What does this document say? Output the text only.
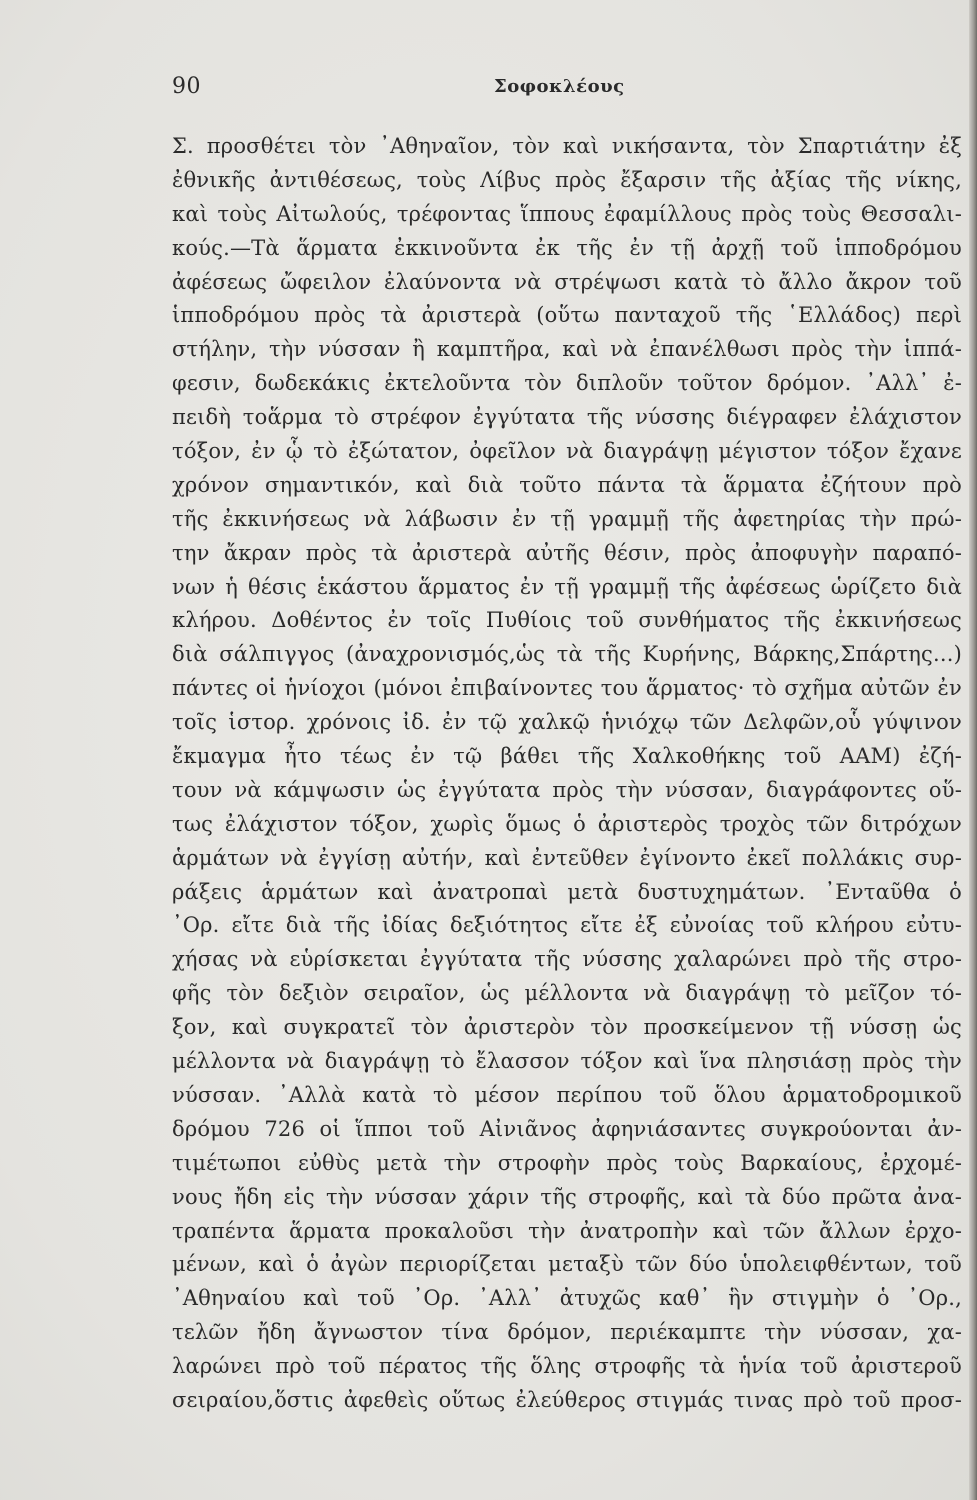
90	Σοφοκλέους
Σ. προσθέτει τὸν ᾽Αθηναῖον, τὸν καὶ νικήσαντα, τὸν Σπαρτιάτην ἐξ
ἐθνικῆς ἀντιθέσεως, τοὺς Λίβυς πρὸς ἔξαρσιν τῆς ἀξίας τῆς νίκης,
καὶ τοὺς Αἰτωλούς, τρέφοντας ἵππους ἐφαμίλλους πρὸς τοὺς Θεσσαλι-
κούς.—Τὰ ἅρματα ἐκκινοῦντα ἐκ τῆς ἐν τῇ ἀρχῇ τοῦ ἱπποδρόμου
ἀφέσεως ὤφειλον ἐλαύνοντα νὰ στρέψωσι κατὰ τὸ ἄλλο ἄκρον τοῦ
ἱπποδρόμου πρὸς τὰ ἀριστερὰ (οὕτω πανταχοῦ τῆς ῾Ελλάδος) περὶ
στήλην, τὴν νύσσαν ἢ καμπτῆρα, καὶ νὰ ἐπανέλθωσι πρὸς τὴν ἱππά-
φεσιν, δωδεκάκις ἐκτελοῦντα τὸν διπλοῦν τοῦτον δρόμον. ᾽Αλλ᾽ ἐ-
πειδὴ τοἅρμα τὸ στρέφον ἐγγύτατα τῆς νύσσης διέγραφεν ἐλάχιστον
τόξον, ἐν ᾧ τὸ ἐξώτατον, ὀφεῖλον νὰ διαγράψῃ μέγιστον τόξον ἔχανε
χρόνον σημαντικόν, καὶ διὰ τοῦτο πάντα τὰ ἅρματα ἐζήτουν πρὸ
τῆς ἐκκινήσεως νὰ λάβωσιν ἐν τῇ γραμμῇ τῆς ἀφετηρίας τὴν πρώ-
την ἄκραν πρὸς τὰ ἀριστερὰ αὐτῆς θέσιν, πρὸς ἀποφυγὴν παραπό-
νων ἡ θέσις ἑκάστου ἅρματος ἐν τῇ γραμμῇ τῆς ἀφέσεως ὡρίζετο διὰ
κλήρου. Δοθέντος ἐν τοῖς Πυθίοις τοῦ συνθήματος τῆς ἐκκινήσεως
διὰ σάλπιγγος (ἀναχρονισμός,ὡς τὰ τῆς Κυρήνης, Βάρκης,Σπάρτης...)
πάντες οἱ ἡνίοχοι (μόνοι ἐπιβαίνοντες του ἅρματος· τὸ σχῆμα αὐτῶν ἐν
τοῖς ἱστορ. χρόνοις ἰδ. ἐν τῷ χαλκῷ ἡνιόχῳ τῶν Δελφῶν,οὗ γύψινον
ἔκμαγμα ἦτο τέως ἐν τῷ βάθει τῆς Χαλκοθήκης τοῦ ΑΑΜ) ἐζή-
τουν νὰ κάμψωσιν ὡς ἐγγύτατα πρὸς τὴν νύσσαν, διαγράφοντες οὕ-
τως ἐλάχιστον τόξον, χωρὶς ὅμως ὁ ἀριστερὸς τροχὸς τῶν διτρόχων
ἁρμάτων νὰ ἐγγίσῃ αὐτήν, καὶ ἐντεῦθεν ἐγίνοντο ἐκεῖ πολλάκις συρ-
ράξεις ἁρμάτων καὶ ἀνατροπαὶ μετὰ δυστυχημάτων. ᾽Ενταῦθα ὁ
᾽Ορ. εἴτε διὰ τῆς ἰδίας δεξιότητος εἴτε ἐξ εὐνοίας τοῦ κλήρου εὐτυ-
χήσας νὰ εὑρίσκεται ἐγγύτατα τῆς νύσσης χαλαρώνει πρὸ τῆς στρο-
φῆς τὸν δεξιὸν σειραῖον, ὡς μέλλοντα νὰ διαγράψῃ τὸ μεῖζον τό-
ξον, καὶ συγκρατεῖ τὸν ἀριστερὸν τὸν προσκείμενον τῇ νύσσῃ ὡς
μέλλοντα νὰ διαγράψῃ τὸ ἔλασσον τόξον καὶ ἵνα πλησιάσῃ πρὸς τὴν
νύσσαν. ᾽Αλλὰ κατὰ τὸ μέσον περίπου τοῦ ὅλου ἁρματοδρομικοῦ
δρόμου 726 οἱ ἵπποι τοῦ Αἰνιᾶνος ἀφηνιάσαντες συγκρούονται ἀν-
τιμέτωποι εὐθὺς μετὰ τὴν στροφὴν πρὸς τοὺς Βαρκαίους, ἐρχομέ-
νους ἤδη εἰς τὴν νύσσαν χάριν τῆς στροφῆς, καὶ τὰ δύο πρῶτα ἀνα-
τραπέντα ἅρματα προκαλοῦσι τὴν ἀνατροπὴν καὶ τῶν ἄλλων ἐρχο-
μένων, καὶ ὁ ἀγὼν περιορίζεται μεταξὺ τῶν δύο ὑπολειφθέντων, τοῦ
᾽Αθηναίου καὶ τοῦ ᾽Ορ. ᾽Αλλ᾽ ἀτυχῶς καθ᾽ ἣν στιγμὴν ὁ ᾽Ορ.,
τελῶν ἤδη ἄγνωστον τίνα δρόμον, περιέκαμπτε τὴν νύσσαν, χα-
λαρώνει πρὸ τοῦ πέρατος τῆς ὅλης στροφῆς τὰ ἡνία τοῦ ἀριστεροῦ
σειραίου,ὅστις ἀφεθεὶς οὕτως ἐλεύθερος στιγμάς τινας πρὸ τοῦ προσ-
